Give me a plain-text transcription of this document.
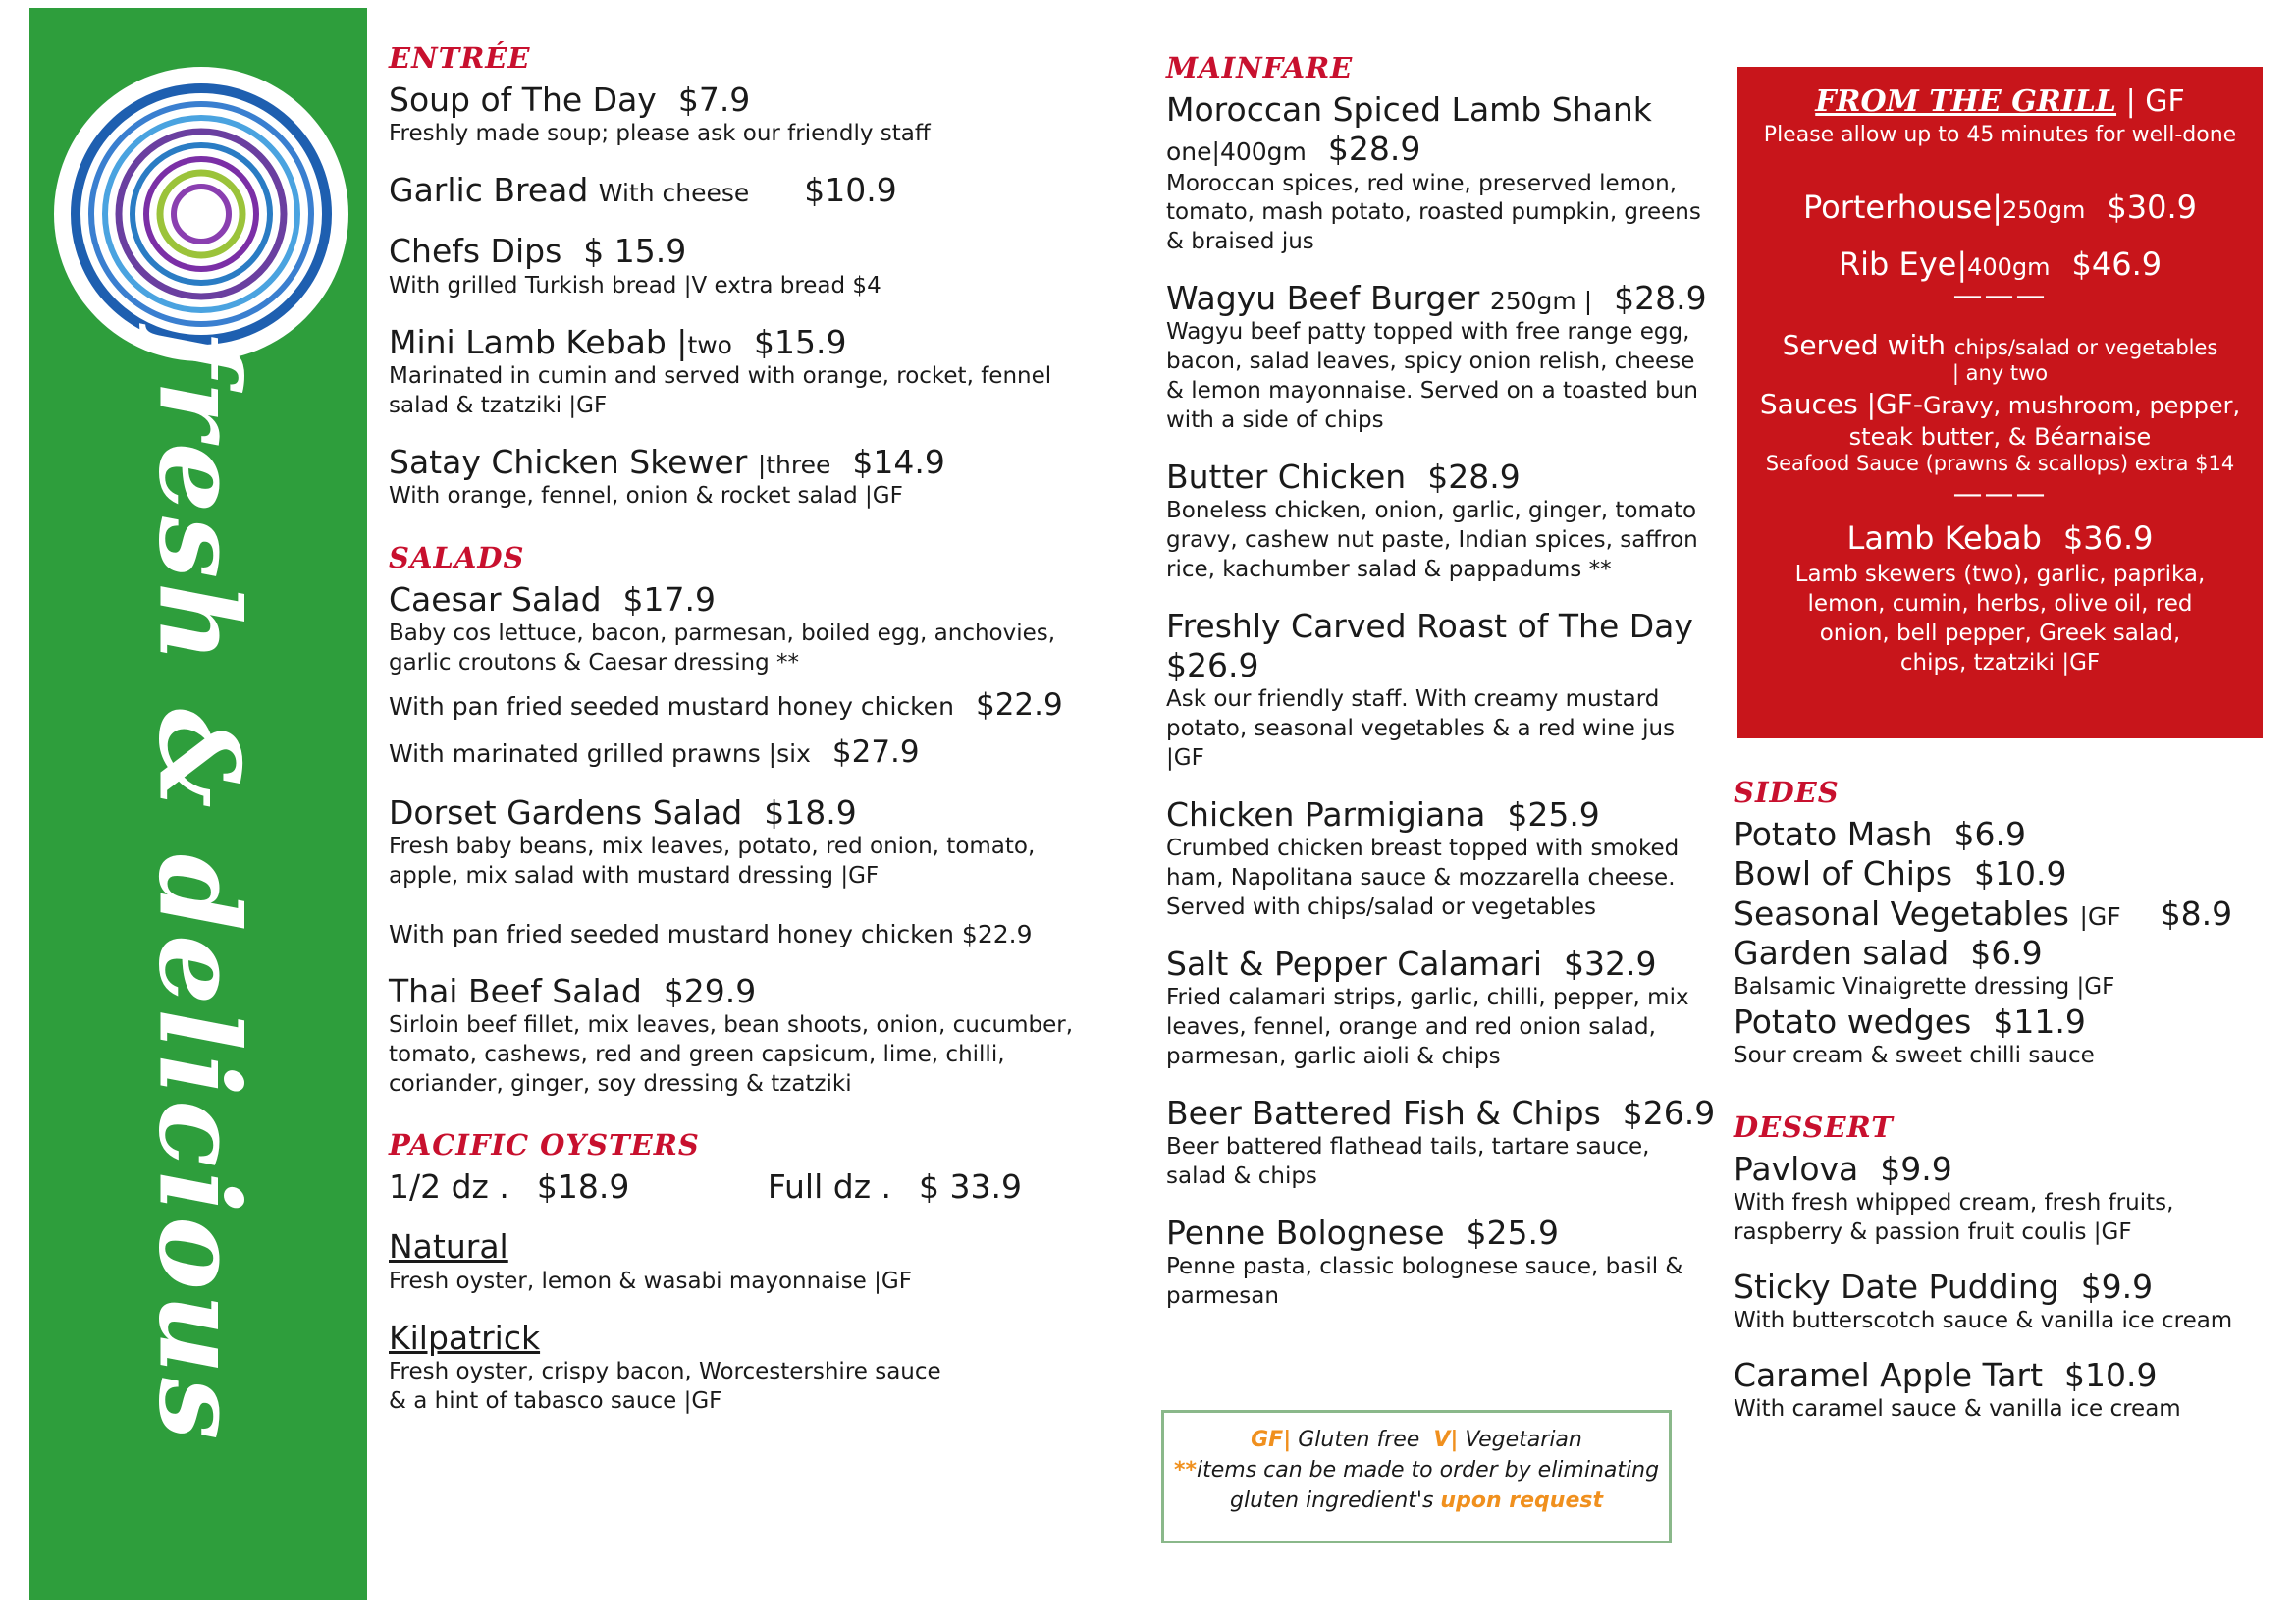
fresh & delicious
ENTRÉE
Soup of The Day $7.9
Freshly made soup; please ask our friendly staff
Garlic Bread With cheese $10.9
Chefs Dips $ 15.9
With grilled Turkish bread |V extra bread $4
Mini Lamb Kebab |two $15.9
Marinated in cumin and served with orange, rocket, fennel salad & tzatziki |GF
Satay Chicken Skewer |three $14.9
With orange, fennel, onion & rocket salad |GF
SALADS
Caesar Salad $17.9
Baby cos lettuce, bacon, parmesan, boiled egg, anchovies, garlic croutons & Caesar dressing **
With pan fried seeded mustard honey chicken $22.9
With marinated grilled prawns |six $27.9
Dorset Gardens Salad $18.9
Fresh baby beans, mix leaves, potato, red onion, tomato, apple, mix salad with mustard dressing |GF
With pan fried seeded mustard honey chicken $22.9
Thai Beef Salad $29.9
Sirloin beef fillet, mix leaves, bean shoots, onion, cucumber, tomato, cashews, red and green capsicum, lime, chilli, coriander, ginger, soy dressing & tzatziki
PACIFIC OYSTERS
1/2 dz . $18.9	Full dz . $ 33.9
Natural
Fresh oyster, lemon & wasabi mayonnaise |GF
Kilpatrick
Fresh oyster, crispy bacon, Worcestershire sauce & a hint of tabasco sauce |GF
MAINFARE
Moroccan Spiced Lamb Shank
one|400gm $28.9
Moroccan spices, red wine, preserved lemon, tomato, mash potato, roasted pumpkin, greens & braised jus
Wagyu Beef Burger 250gm | $28.9
Wagyu beef patty topped with free range egg, bacon, salad leaves, spicy onion relish, cheese & lemon mayonnaise. Served on a toasted bun with a side of chips
Butter Chicken $28.9
Boneless chicken, onion, garlic, ginger, tomato gravy, cashew nut paste, Indian spices, saffron rice, kachumber salad & pappadums **
Freshly Carved Roast of The Day
$26.9
Ask our friendly staff. With creamy mustard potato, seasonal vegetables & a red wine jus |GF
Chicken Parmigiana $25.9
Crumbed chicken breast topped with smoked ham, Napolitana sauce & mozzarella cheese. Served with chips/salad or vegetables
Salt & Pepper Calamari $32.9
Fried calamari strips, garlic, chilli, pepper, mix leaves, fennel, orange and red onion salad, parmesan, garlic aioli & chips
Beer Battered Fish & Chips $26.9
Beer battered flathead tails, tartare sauce, salad & chips
Penne Bolognese $25.9
Penne pasta, classic bolognese sauce, basil & parmesan
GF| Gluten free V| Vegetarian
**items can be made to order by eliminating gluten ingredient's upon request
FROM THE GRILL | GF
Please allow up to 45 minutes for well-done
Porterhouse|250gm $30.9
Rib Eye|400gm $46.9
———
Served with chips/salad or vegetables
| any two
Sauces |GF-Gravy, mushroom, pepper, steak butter, & Béarnaise
Seafood Sauce (prawns & scallops) extra $14
———
Lamb Kebab $36.9
Lamb skewers (two), garlic, paprika, lemon, cumin, herbs, olive oil, red onion, bell pepper, Greek salad, chips, tzatziki |GF
SIDES
Potato Mash $6.9
Bowl of Chips $10.9
Seasonal Vegetables |GF $8.9
Garden salad $6.9
Balsamic Vinaigrette dressing |GF
Potato wedges $11.9
Sour cream & sweet chilli sauce
DESSERT
Pavlova $9.9
With fresh whipped cream, fresh fruits, raspberry & passion fruit coulis |GF
Sticky Date Pudding $9.9
With butterscotch sauce & vanilla ice cream
Caramel Apple Tart $10.9
With caramel sauce & vanilla ice cream
